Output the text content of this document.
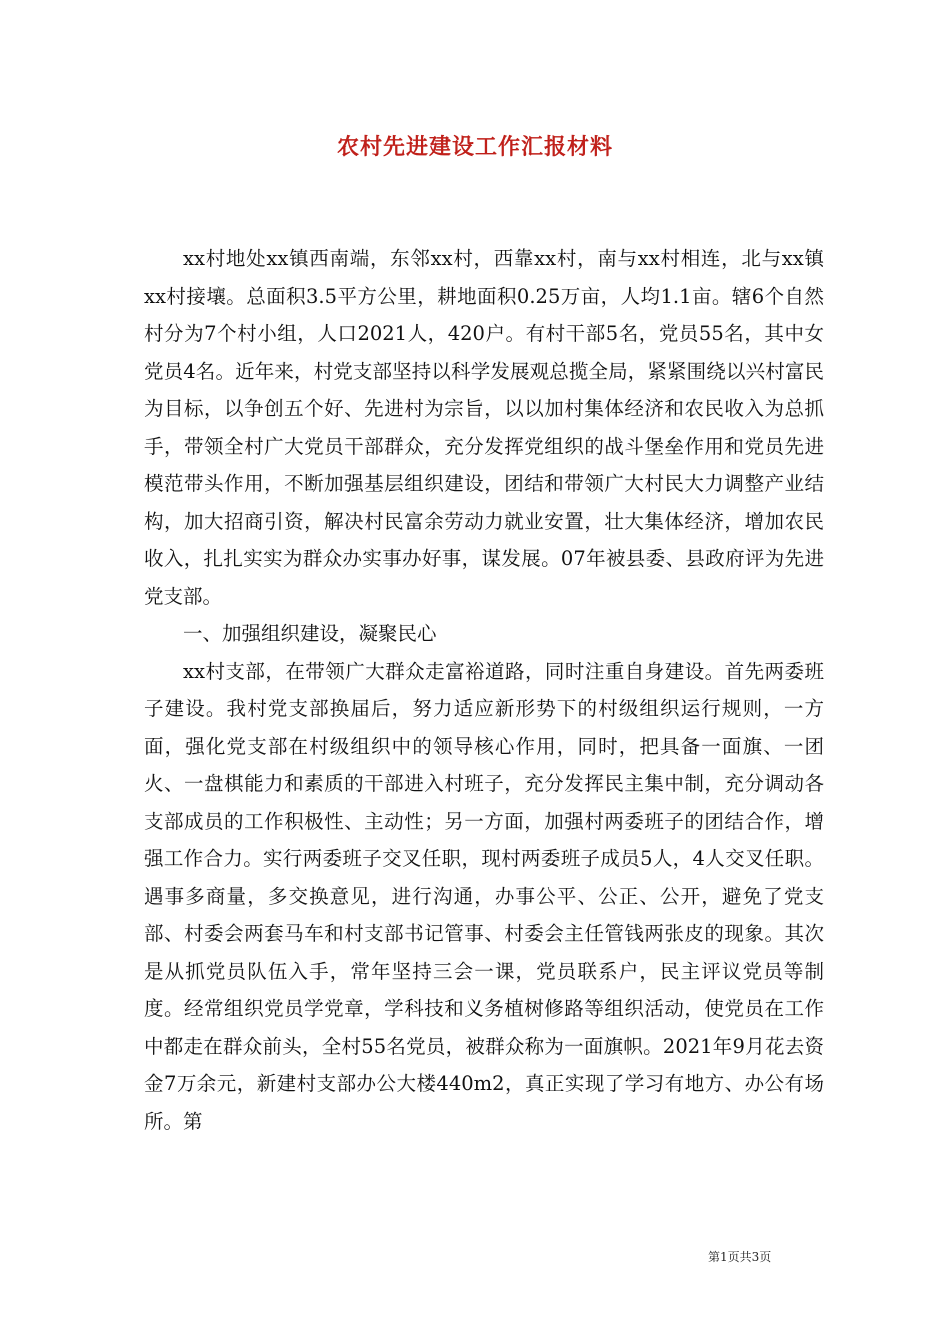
农村先进建设工作汇报材料

xx村地处xx镇西南端，东邻xx村，西靠xx村，南与xx村相连，北与xx镇xx村接壤。总面积3.5平方公里，耕地面积0.25万亩，人均1.1亩。辖6个自然村分为7个村小组，人口2021人，420户。有村干部5名，党员55名，其中女党员4名。近年来，村党支部坚持以科学发展观总揽全局，紧紧围绕以兴村富民为目标，以争创五个好、先进村为宗旨，以以加村集体经济和农民收入为总抓手，带领全村广大党员干部群众，充分发挥党组织的战斗堡垒作用和党员先进模范带头作用，不断加强基层组织建设，团结和带领广大村民大力调整产业结构，加大招商引资，解决村民富余劳动力就业安置，壮大集体经济，增加农民收入，扎扎实实为群众办实事办好事，谋发展。07年被县委、县政府评为先进党支部。

一、加强组织建设，凝聚民心

xx村支部，在带领广大群众走富裕道路，同时注重自身建设。首先两委班子建设。我村党支部换届后，努力适应新形势下的村级组织运行规则，一方面，强化党支部在村级组织中的领导核心作用，同时，把具备一面旗、一团火、一盘棋能力和素质的干部进入村班子，充分发挥民主集中制，充分调动各支部成员的工作积极性、主动性；另一方面，加强村两委班子的团结合作，增强工作合力。实行两委班子交叉任职，现村两委班子成员5人，4人交叉任职。遇事多商量，多交换意见，进行沟通，办事公平、公正、公开，避免了党支部、村委会两套马车和村支部书记管事、村委会主任管钱两张皮的现象。其次是从抓党员队伍入手，常年坚持三会一课，党员联系户，民主评议党员等制度。经常组织党员学党章，学科技和义务植树修路等组织活动，使党员在工作中都走在群众前头，全村55名党员，被群众称为一面旗帜。2021年9月花去资金7万余元，新建村支部办公大楼440m2，真正实现了学习有地方、办公有场所。第

第1页共3页
